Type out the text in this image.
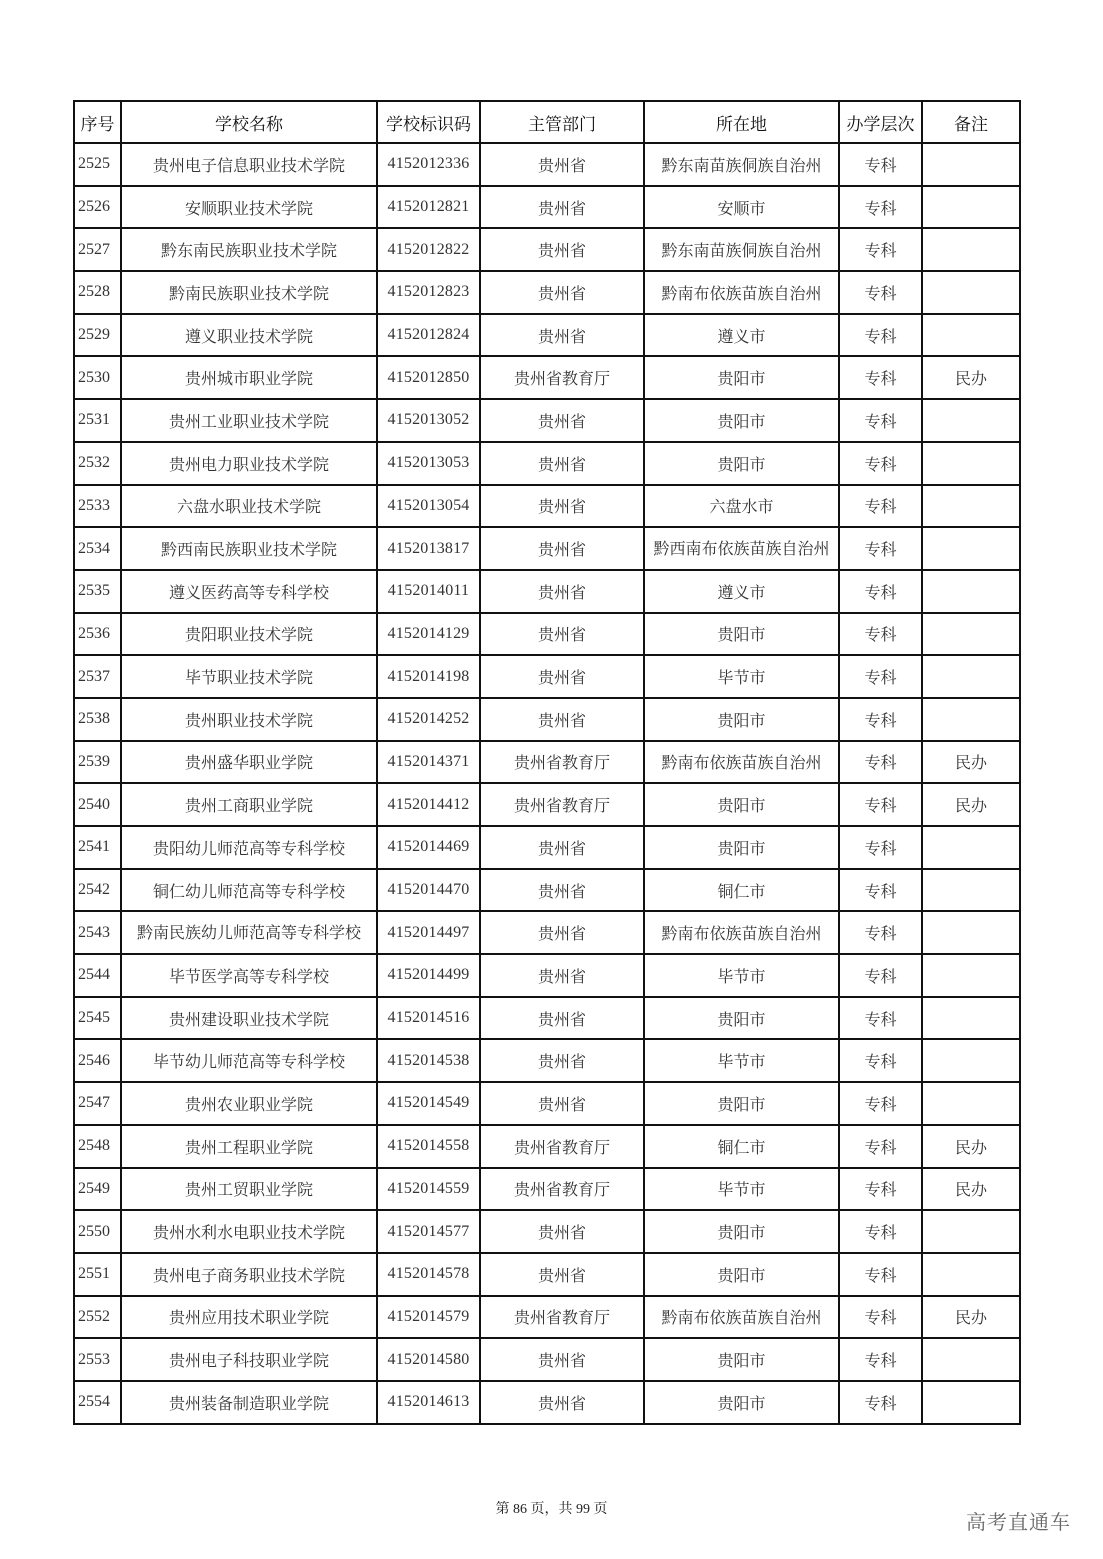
序号	学校名称	学校标识码	主管部门	所在地	办学层次	备注
2525	贵州电子信息职业技术学院	4152012336	贵州省	黔东南苗族侗族自治州	专科	
2526	安顺职业技术学院	4152012821	贵州省	安顺市	专科	
2527	黔东南民族职业技术学院	4152012822	贵州省	黔东南苗族侗族自治州	专科	
2528	黔南民族职业技术学院	4152012823	贵州省	黔南布依族苗族自治州	专科	
2529	遵义职业技术学院	4152012824	贵州省	遵义市	专科	
2530	贵州城市职业学院	4152012850	贵州省教育厅	贵阳市	专科	民办
2531	贵州工业职业技术学院	4152013052	贵州省	贵阳市	专科	
2532	贵州电力职业技术学院	4152013053	贵州省	贵阳市	专科	
2533	六盘水职业技术学院	4152013054	贵州省	六盘水市	专科	
2534	黔西南民族职业技术学院	4152013817	贵州省	黔西南布依族苗族自治州	专科	
2535	遵义医药高等专科学校	4152014011	贵州省	遵义市	专科	
2536	贵阳职业技术学院	4152014129	贵州省	贵阳市	专科	
2537	毕节职业技术学院	4152014198	贵州省	毕节市	专科	
2538	贵州职业技术学院	4152014252	贵州省	贵阳市	专科	
2539	贵州盛华职业学院	4152014371	贵州省教育厅	黔南布依族苗族自治州	专科	民办
2540	贵州工商职业学院	4152014412	贵州省教育厅	贵阳市	专科	民办
2541	贵阳幼儿师范高等专科学校	4152014469	贵州省	贵阳市	专科	
2542	铜仁幼儿师范高等专科学校	4152014470	贵州省	铜仁市	专科	
2543	黔南民族幼儿师范高等专科学校	4152014497	贵州省	黔南布依族苗族自治州	专科	
2544	毕节医学高等专科学校	4152014499	贵州省	毕节市	专科	
2545	贵州建设职业技术学院	4152014516	贵州省	贵阳市	专科	
2546	毕节幼儿师范高等专科学校	4152014538	贵州省	毕节市	专科	
2547	贵州农业职业学院	4152014549	贵州省	贵阳市	专科	
2548	贵州工程职业学院	4152014558	贵州省教育厅	铜仁市	专科	民办
2549	贵州工贸职业学院	4152014559	贵州省教育厅	毕节市	专科	民办
2550	贵州水利水电职业技术学院	4152014577	贵州省	贵阳市	专科	
2551	贵州电子商务职业技术学院	4152014578	贵州省	贵阳市	专科	
2552	贵州应用技术职业学院	4152014579	贵州省教育厅	黔南布依族苗族自治州	专科	民办
2553	贵州电子科技职业学院	4152014580	贵州省	贵阳市	专科	
2554	贵州装备制造职业学院	4152014613	贵州省	贵阳市	专科	
第 86 页，共 99 页
高考直通车
